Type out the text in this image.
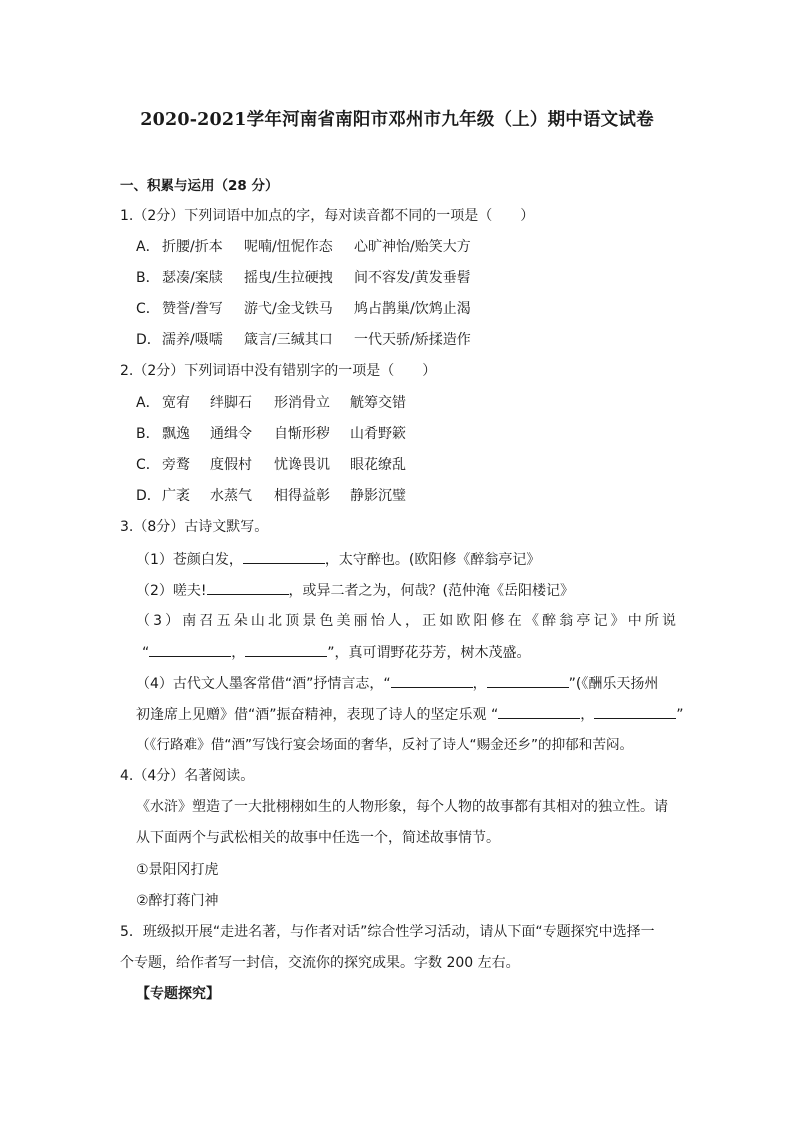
2020-2021学年河南省南阳市邓州市九年级（上）期中语文试卷
一、积累与运用（28 分）
1.（2分）下列词语中加点的字，每对读音都不同的一项是（　　）
A． 折腰/折本 呢喃/忸怩作态 心旷神怡/贻笑大方
B． 瑟凑/案牍 摇曳/生拉硬拽 间不容发/黄发垂髫
C． 赞誉/誊写 游弋/金戈铁马 鸠占鹊巢/饮鸩止渴
D．濡养/嗫嚅 箴言/三缄其口 一代天骄/矫揉造作
2.（2分）下列词语中没有错别字的一项是（　　）
A． 宽宥 绊脚石 形消骨立 觥筹交错
B． 飘逸 通缉令 自惭形秽 山肴野簌
C． 旁鹜 度假村 忧谗畏讥 眼花缭乱
D．广袤 水蒸气 相得益彰 静影沉璧
3.（8分）古诗文默写。
（1）苍颜白发，	，太守醉也。(欧阳修《醉翁亭记》
（2）嗟夫!	，或异二者之为，何哉？(范仲淹《岳阳楼记》
（3）南召五朵山北顶景色美丽怡人，正如欧阳修在《醉翁亭记》中所说
“	，	”，真可谓野花芬芳，树木茂盛。
（4）古代文人墨客常借“酒”抒情言志，“	，	”(《酬乐天扬州
初逢席上见赠》借“酒”振奋精神，表现了诗人的坚定乐观 “	，	”
（《行路难》借“酒”写饯行宴会场面的奢华，反衬了诗人“赐金还乡”的抑郁和苦闷。
4.（4分）名著阅读。
《水浒》塑造了一大批栩栩如生的人物形象，每个人物的故事都有其相对的独立性。请
从下面两个与武松相关的故事中任选一个，简述故事情节。
①景阳冈打虎
②醉打蒋门神
5．班级拟开展“走进名著，与作者对话”综合性学习活动，请从下面“专题探究中选择一
个专题，给作者写一封信，交流你的探究成果。字数 200 左右。
【专题探究】
